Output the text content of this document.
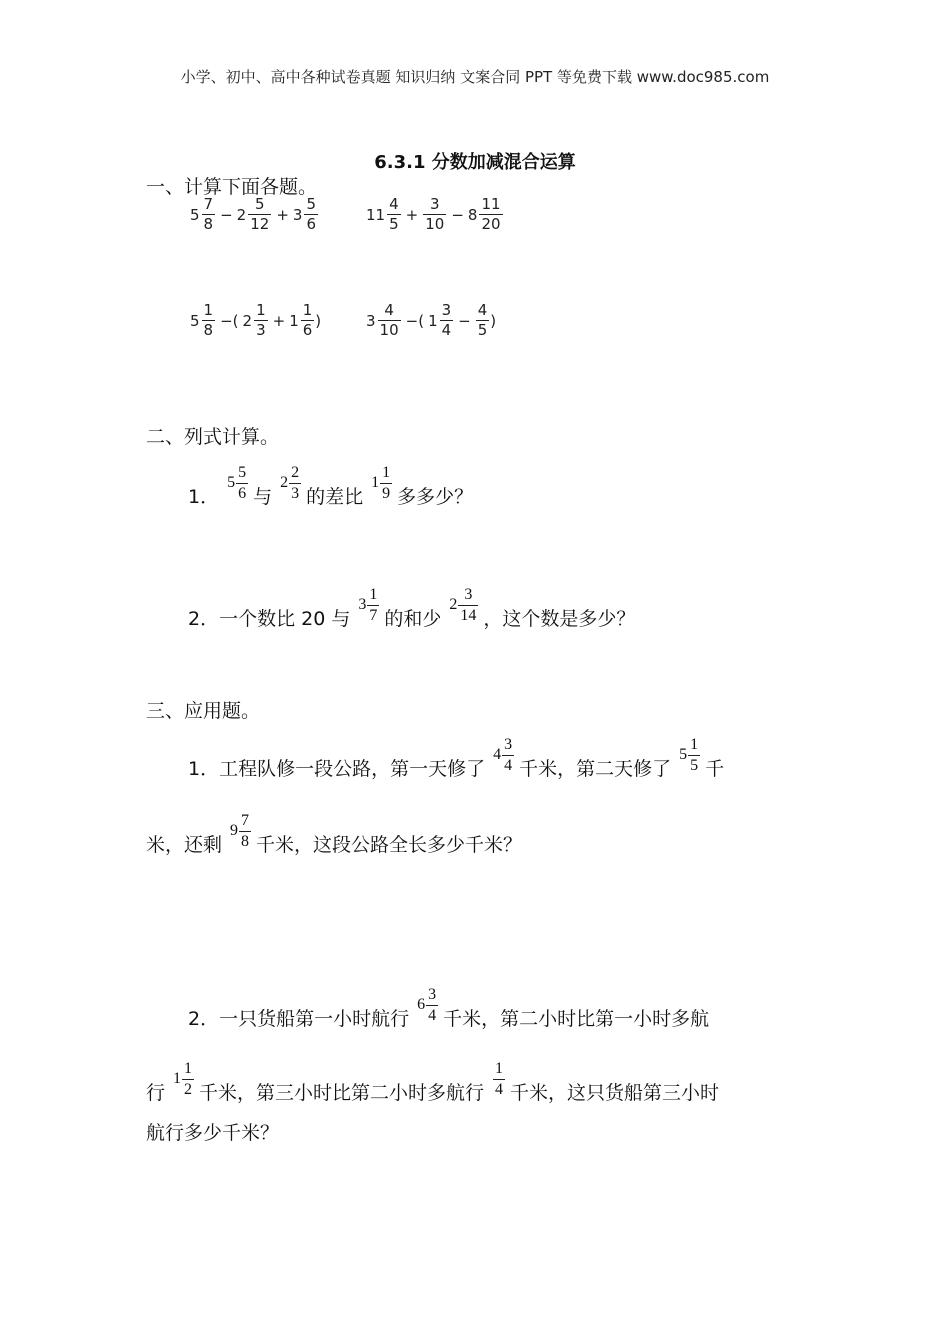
小学、初中、高中各种试卷真题 知识归纳 文案合同 PPT 等免费下载 www.doc985.com
6.3.1 分数加减混合运算
一、计算下面各题。
$5 \frac{7}{8} - 2 \frac{5}{12} + 3 \frac{5}{6}$	$11 \frac{4}{5} + \frac{3}{10} - 8 \frac{11}{20}$
$5 \frac{1}{8}$ −( $2 \frac{1}{3} + 1 \frac{1}{6}$ )	$3 \frac{4}{10}$ −( $1 \frac{3}{4} - \frac{4}{5}$ )
二、列式计算。
1．
$5 \frac{5}{6}$ 与
$2 \frac{2}{3}$ 的差比
$1 \frac{1}{9}$ 多多少？
2． 一个数比 20 与
$3 \frac{1}{7}$ 的和少
$2 \frac{3}{14}$ ，这个数是多少？
三、应用题。
1． 工程队修一段公路，第一天修了
$4 \frac{3}{4}$ 千米，第二天修了
$5 \frac{1}{5}$ 千
米，还剩
$9 \frac{7}{8}$ 千米，这段公路全长多少千米？
2． 一只货船第一小时航行
$6 \frac{3}{4}$ 千米，第二小时比第一小时多航
行
$1 \frac{1}{2}$ 千米，第三小时比第二小时多航行 $\frac{1}{4}$ 千米，这只货船第三小时
航行多少千米？
